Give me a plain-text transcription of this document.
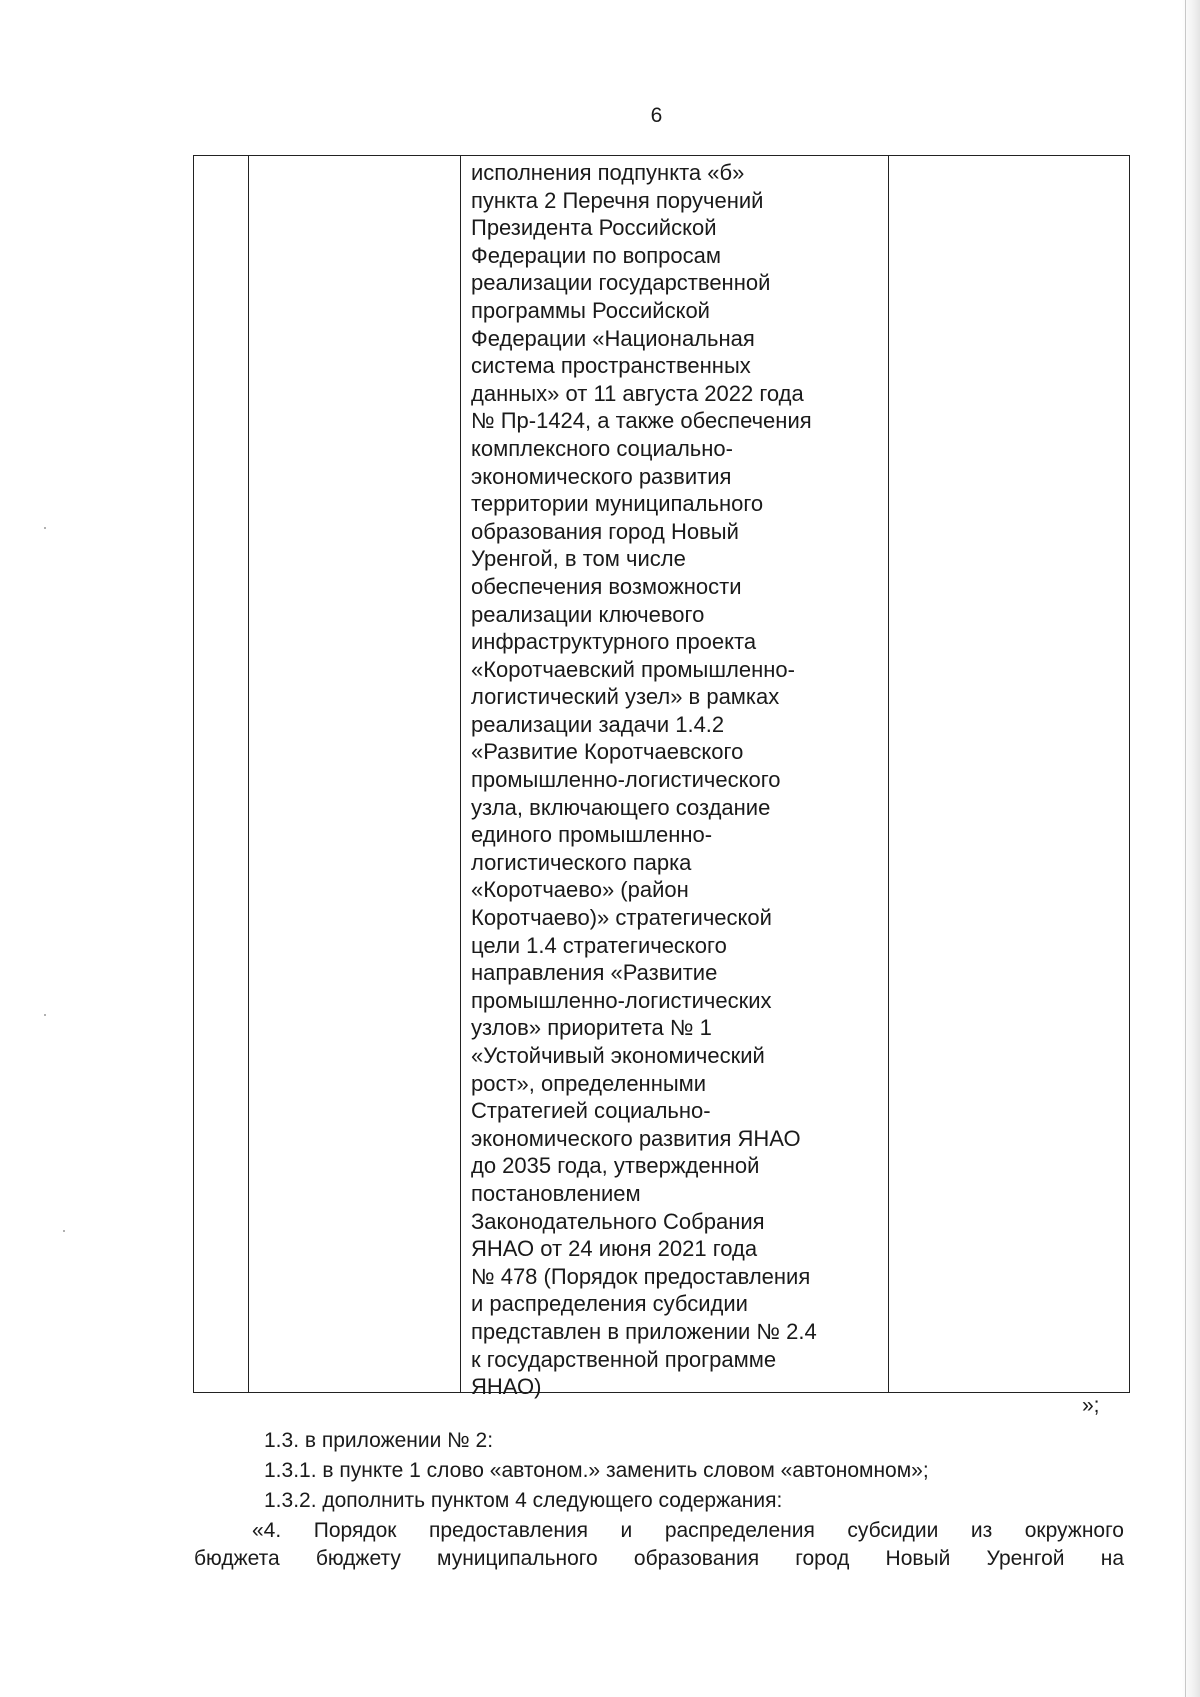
6

исполнения подпункта «б»
пункта 2 Перечня поручений
Президента Российской
Федерации по вопросам
реализации государственной
программы Российской
Федерации «Национальная
система пространственных
данных» от 11 августа 2022 года
№ Пр-1424, а также обеспечения
комплексного социально-
экономического развития
территории муниципального
образования город Новый
Уренгой, в том числе
обеспечения возможности
реализации ключевого
инфраструктурного проекта
«Коротчаевский промышленно-
логистический узел» в рамках
реализации задачи 1.4.2
«Развитие Коротчаевского
промышленно-логистического
узла, включающего создание
единого промышленно-
логистического парка
«Коротчаево» (район
Коротчаево)» стратегической
цели 1.4 стратегического
направления «Развитие
промышленно-логистических
узлов» приоритета № 1
«Устойчивый экономический
рост», определенными
Стратегией социально-
экономического развития ЯНАО
до 2035 года, утвержденной
постановлением
Законодательного Собрания
ЯНАО от 24 июня 2021 года
№ 478 (Порядок предоставления
и распределения субсидии
представлен в приложении № 2.4
к государственной программе
ЯНАО)

»;

1.3. в приложении № 2:

1.3.1. в пункте 1 слово «автоном.» заменить словом «автономном»;

1.3.2. дополнить пунктом 4 следующего содержания:

«4. Порядок предоставления и распределения субсидии из окружного

бюджета бюджету муниципального образования город Новый Уренгой на
